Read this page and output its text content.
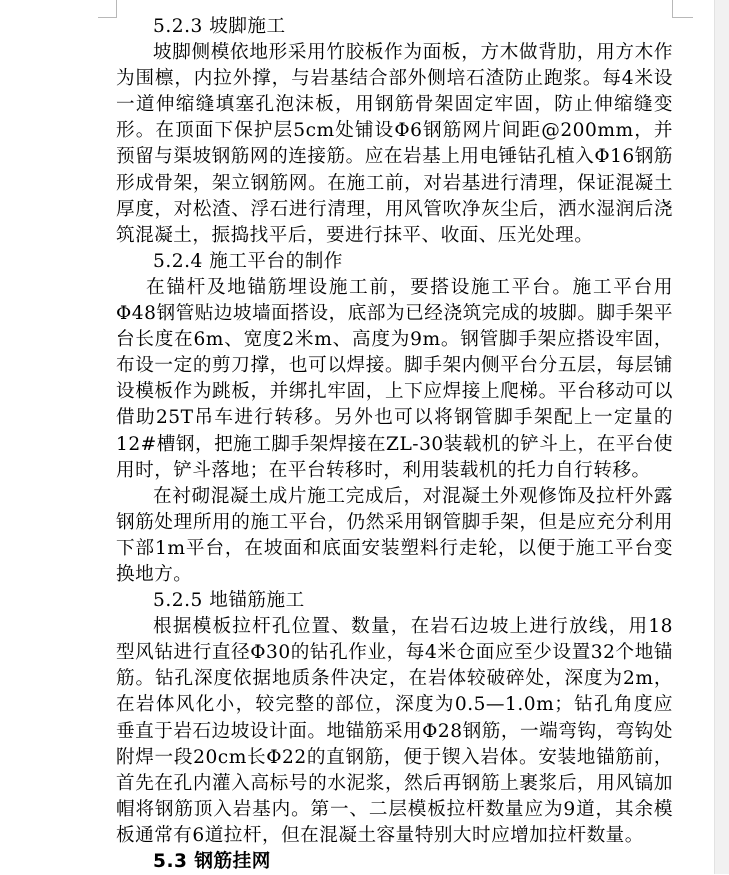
5.2.3 坡脚施工

坡脚侧模依地形采用竹胶板作为面板，方木做背肋，用方木作为围檩，内拉外撑，与岩基结合部外侧培石渣防止跑浆。每4米设一道伸缩缝填塞孔泡沫板，用钢筋骨架固定牢固，防止伸缩缝变形。在顶面下保护层5cm处铺设Φ6钢筋网片间距@200mm，并预留与渠坡钢筋网的连接筋。应在岩基上用电锤钻孔植入Φ16钢筋形成骨架，架立钢筋网。在施工前，对岩基进行清理，保证混凝土厚度，对松渣、浮石进行清理，用风管吹净灰尘后，洒水湿润后浇筑混凝土，振捣找平后，要进行抹平、收面、压光处理。

5.2.4 施工平台的制作

在锚杆及地锚筋埋设施工前，要搭设施工平台。施工平台用Φ48钢管贴边坡墙面搭设，底部为已经浇筑完成的坡脚。脚手架平台长度在6m、宽度2米m、高度为9m。钢管脚手架应搭设牢固，布设一定的剪刀撑，也可以焊接。脚手架内侧平台分五层，每层铺设模板作为跳板，并绑扎牢固，上下应焊接上爬梯。平台移动可以借助25T吊车进行转移。另外也可以将钢管脚手架配上一定量的12#槽钢，把施工脚手架焊接在ZL-30装载机的铲斗上，在平台使用时，铲斗落地；在平台转移时，利用装载机的托力自行转移。

在衬砌混凝土成片施工完成后，对混凝土外观修饰及拉杆外露钢筋处理所用的施工平台，仍然采用钢管脚手架，但是应充分利用下部1m平台，在坡面和底面安装塑料行走轮，以便于施工平台变换地方。

5.2.5 地锚筋施工

根据模板拉杆孔位置、数量，在岩石边坡上进行放线，用18型风钻进行直径Φ30的钻孔作业，每4米仓面应至少设置32个地锚筋。钻孔深度依据地质条件决定，在岩体较破碎处，深度为2m，在岩体风化小，较完整的部位，深度为0.5—1.0m；钻孔角度应垂直于岩石边坡设计面。地锚筋采用Φ28钢筋，一端弯钩，弯钩处附焊一段20cm长Φ22的直钢筋，便于锲入岩体。安装地锚筋前，首先在孔内灌入高标号的水泥浆，然后再钢筋上裹浆后，用风镐加帽将钢筋顶入岩基内。第一、二层模板拉杆数量应为9道，其余模板通常有6道拉杆，但在混凝土容量特别大时应增加拉杆数量。

5.3 钢筋挂网
